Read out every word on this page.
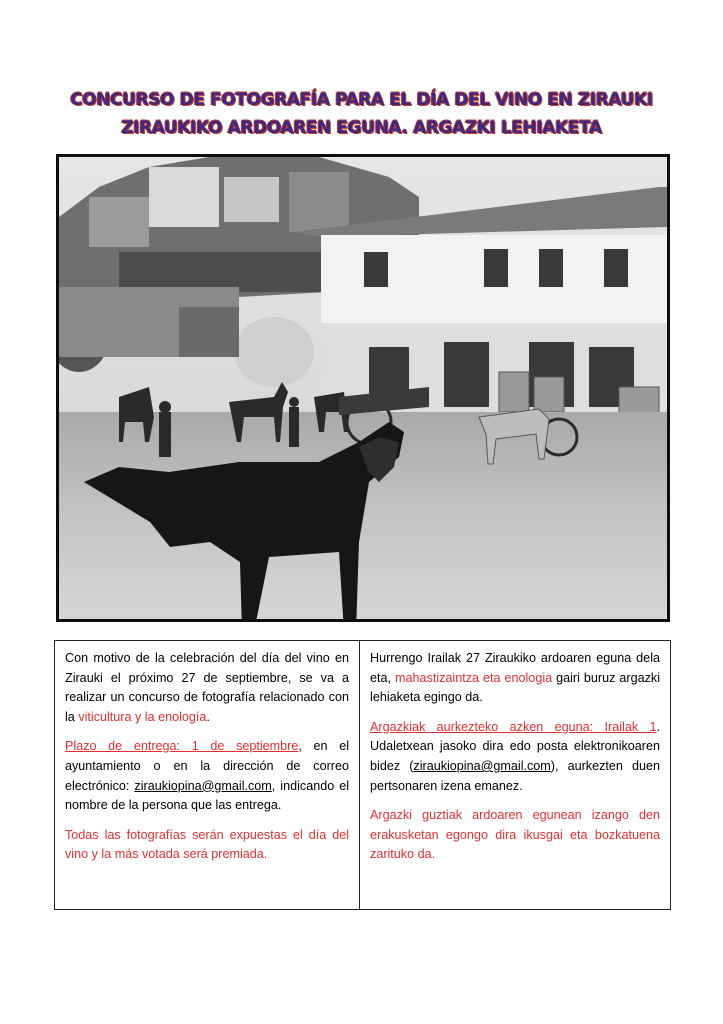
CONCURSO DE FOTOGRAFÍA PARA EL DÍA DEL VINO EN ZIRAUKI
ZIRAUKIKO ARDOAREN EGUNA. ARGAZKI LEHIAKETA

Con motivo de la celebración del día del vino en Zirauki el próximo 27 de septiembre, se va a realizar un concurso de fotografía relacionado con la viticultura y la enología.

Plazo de entrega: 1 de septiembre, en el ayuntamiento o en la dirección de correo electrónico: ziraukiopina@gmail.com, indicando el nombre de la persona que las entrega.

Todas las fotografías serán expuestas el día del vino y la más votada será premiada.

Hurrengo Irailak 27 Ziraukiko ardoaren eguna dela eta, mahastizaintza eta enologia gairi buruz argazki lehiaketa egingo da.

Argazkiak aurkezteko azken eguna: Irailak 1. Udaletxean jasoko dira edo posta elektronikoaren bidez (ziraukiopina@gmail.com), aurkezten duen pertsonaren izena emanez.

Argazki guztiak ardoaren egunean izango den erakusketan egongo dira ikusgai eta bozkatuena zarituko da.
